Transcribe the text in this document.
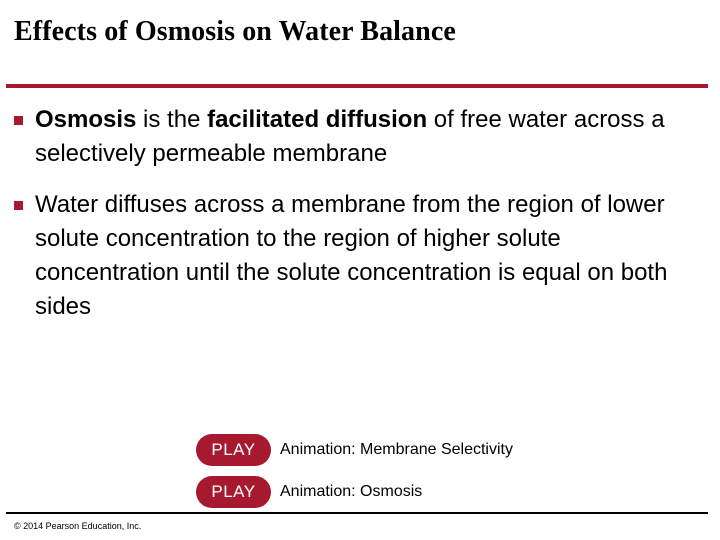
Effects of Osmosis on Water Balance
Osmosis is the facilitated diffusion of free water across a selectively permeable membrane
Water diffuses across a membrane from the region of lower solute concentration to the region of higher solute concentration until the solute concentration is equal on both sides
PLAY	Animation: Membrane Selectivity
PLAY	Animation: Osmosis
© 2014 Pearson Education, Inc.
